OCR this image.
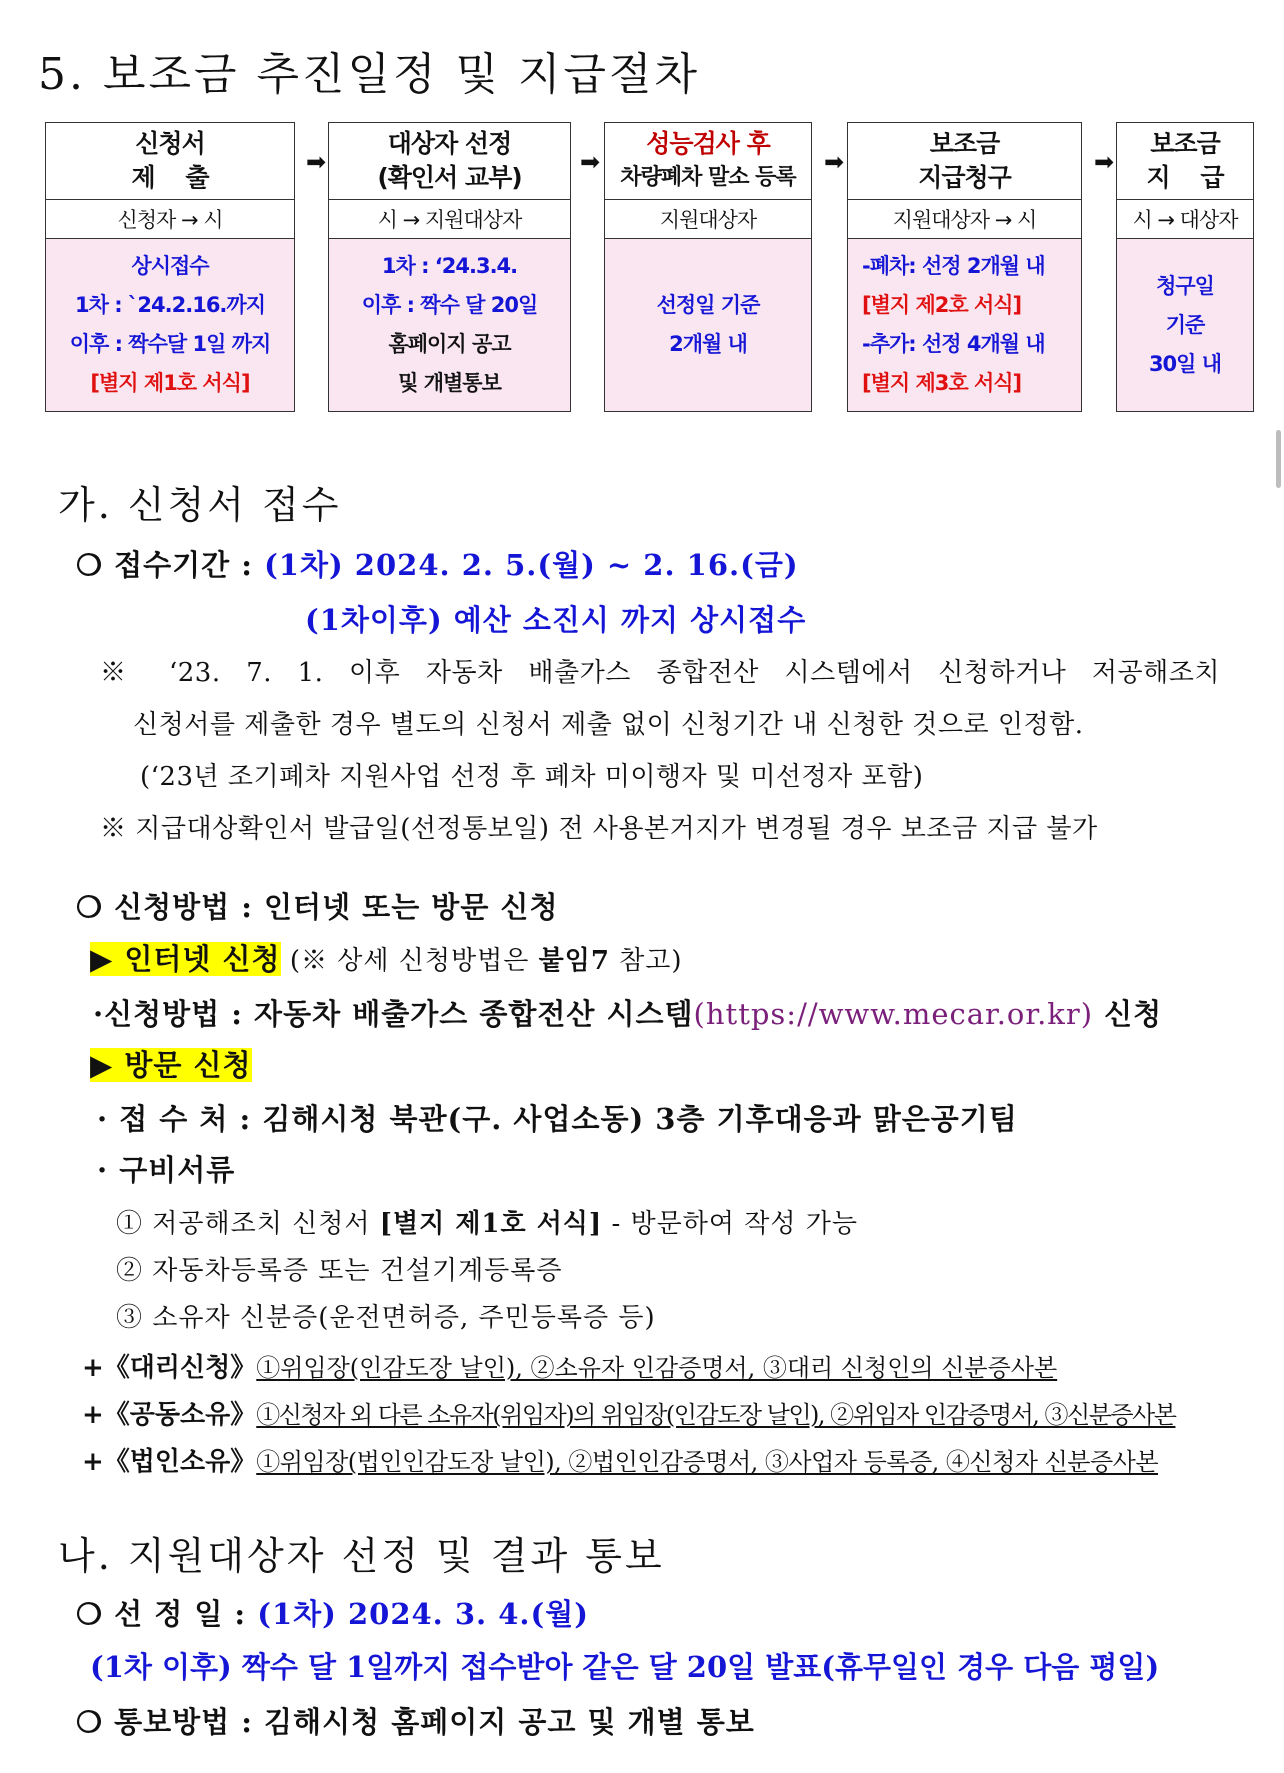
5. 보조금 추진일정 및 지급절차
신청서
제    출
신청자 → 시
상시접수
1차 : `24.2.16.까지
이후 : 짝수달 1일 까지
[별지 제1호 서식]
➡
대상자 선정
(확인서 교부)
시 → 지원대상자
1차 : ‘24.3.4.
이후 : 짝수 달 20일
홈페이지 공고
및 개별통보
➡
성능검사 후
차량폐차 말소 등록
지원대상자
선정일 기준
2개월 내
➡
보조금
지급청구
지원대상자 → 시
-폐차: 선정 2개월 내
[별지 제2호 서식]
-추가: 선정 4개월 내
[별지 제3호 서식]
➡
보조금
지    급
시 → 대상자
청구일
기준
30일 내
가. 신청서 접수
❍ 접수기간 : (1차) 2024. 2. 5.(월) ~ 2. 16.(금)
(1차이후) 예산 소진시 까지 상시접수
※ ‘23. 7. 1. 이후 자동차 배출가스 종합전산 시스템에서 신청하거나 저공해조치
신청서를 제출한 경우 별도의 신청서 제출 없이 신청기간 내 신청한 것으로 인정함.
(‘23년 조기폐차 지원사업 선정 후 폐차 미이행자 및 미선정자 포함)
※ 지급대상확인서 발급일(선정통보일) 전 사용본거지가 변경될 경우 보조금 지급 불가
❍ 신청방법 : 인터넷 또는 방문 신청
▶ 인터넷 신청 (※ 상세 신청방법은 붙임7 참고)
·신청방법 : 자동차 배출가스 종합전산 시스템(https://www.mecar.or.kr) 신청
▶ 방문 신청
· 접 수 처 : 김해시청 북관(구. 사업소동) 3층 기후대응과 맑은공기팀
· 구비서류
① 저공해조치 신청서 [별지 제1호 서식] - 방문하여 작성 가능
② 자동차등록증 또는 건설기계등록증
③ 소유자 신분증(운전면허증, 주민등록증 등)
+《대리신청》①위임장(인감도장 날인), ②소유자 인감증명서, ③대리 신청인의 신분증사본
+《공동소유》①신청자 외 다른 소유자(위임자)의 위임장(인감도장 날인), ②위임자 인감증명서, ③신분증사본
+《법인소유》①위임장(법인인감도장 날인), ②법인인감증명서, ③사업자 등록증, ④신청자 신분증사본
나. 지원대상자 선정 및 결과 통보
❍ 선 정 일 : (1차) 2024. 3. 4.(월)
(1차 이후) 짝수 달 1일까지 접수받아 같은 달 20일 발표(휴무일인 경우 다음 평일)
❍ 통보방법 : 김해시청 홈페이지 공고 및 개별 통보
